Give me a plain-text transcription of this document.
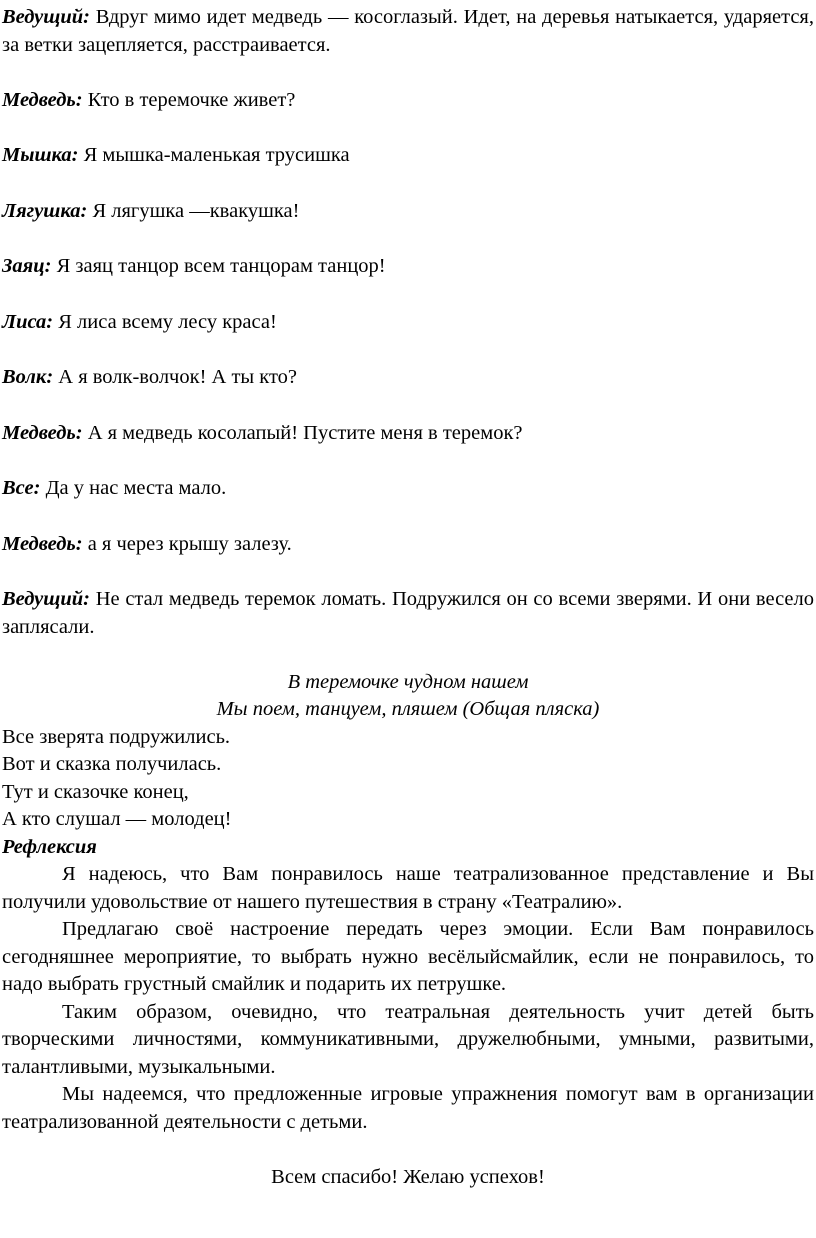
Ведущий: Вдруг мимо идет медведь — косоглазый. Идет, на деревья натыкается, ударяется, за ветки зацепляется, расстраивается.

Медведь: Кто в теремочке живет?

Мышка: Я мышка-маленькая трусишка

Лягушка: Я лягушка —квакушка!

Заяц: Я заяц танцор всем танцорам танцор!

Лиса: Я лиса всему лесу краса!

Волк: А я волк-волчок! А ты кто?

Медведь: А я медведь косолапый! Пустите меня в теремок?

Все: Да у нас места мало.

Медведь: а я через крышу залезу.

Ведущий: Не стал медведь теремок ломать. Подружился он со всеми зверями. И они весело заплясали.

В теремочке чудном нашем

Мы поем, танцуем, пляшем (Общая пляска)

Все зверята подружились.

Вот и сказка получилась.

Тут и сказочке конец,

А кто слушал — молодец!

Рефлексия

Я надеюсь, что Вам понравилось наше театрализованное представление и Вы получили удовольствие от нашего путешествия в страну «Театралию».

Предлагаю своё настроение передать через эмоции. Если Вам понравилось сегодняшнее мероприятие, то выбрать нужно весёлыйсмайлик, если не понравилось, то надо выбрать грустный смайлик и подарить их петрушке.

Таким образом, очевидно, что театральная деятельность учит детей быть творческими личностями, коммуникативными, дружелюбными, умными, развитыми, талантливыми, музыкальными.

Мы надеемся, что предложенные игровые упражнения помогут вам в организации театрализованной деятельности с детьми.

Всем спасибо! Желаю успехов!
